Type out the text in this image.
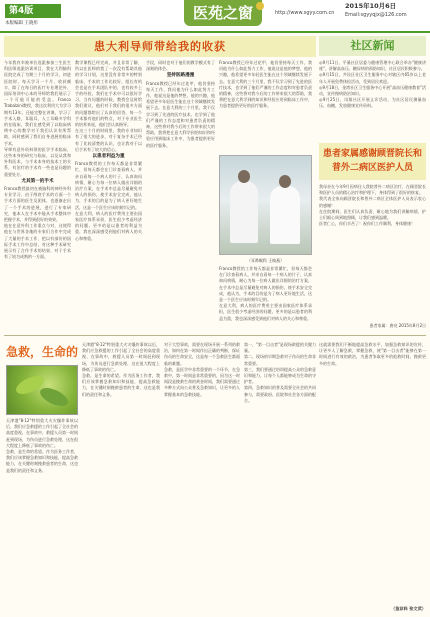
第4版
本版编辑 王晓彤
医苑之窗	http://www.sgyy.com.cn
2015年10月6日
Email:sgyyqjx@126.com
患大利导师带给我的收获
今年我有幸被单位选派参加三生医生科医师选派培训项目，我在大利脑科医院完成了为期三个月的学习，初进医院时，每天学习一个月，收获颇丰，除了在每日的医疗专业理论外，国际培训中心本的导师给我们展示了一个可能可能的受益。Franco Trabalzini教授，我这次利用大为学习期有13年。还能完整在讲课。学习了手术入路，耳聪耳，人工耳蜗多学科的在临床，我们在感受到了以临床病例中心的教学对于我们认识有所帮助，同时感到了我们自身进展的临床手术，
导师有意外资料领的医学手术临床，这些本身的研究与临床，以及从我和外科医术，与手术本身的技术工的关系，有治疗的手术有一些也是问题的重要处方。
尤其第一的手术
Franco教授最初在被脑科的神经外科专业学习，由于颅底手术的方面一个手术方面的医生及团体，也逐渐走出了一个手术的进展，进行了专家研究，他本人在手术中能从手术整体中把握手术，并得到很好的效果。
他在在意外科工作重点与对，这使得他在与世界各地的专家们合作中完成了大量的手术工作，把以有部份的国际手术工作中总结，对这种手术研究展示有了合作手术的结果，对于手术有了较为成熟的一方面。
教学课程已经完成，并且非常了解，所以在医师的我了一次没有帮助其他的学习计划，这里没有非常多的特别临床，手术的工作比较好，组长有机会也是在手术团队中的，也有较多上手的经验，我们在手术中可以很好学习，当有问题的时候，教授会及时给我们建议，他们对于我们的很多方面的问题都给出了认真的回答，每一个手术都有他们的特点，对于专业医生的培养来说，他们会认真指导。
在这三个月的时间里，我的专业知识有了很大的进步，对于复杂手术已经有了比较清楚的认识，也让我对于以后手术有了较大的信心。
以患者利益为重
Franco教授的工作每天都是非常繁忙，但每天都会在门诊查看病人，并亲自看每一个病人的片子，认真询问病情，耐心为每一位病人做出详细的治疗方案，在手术中总是尽量避免对病人的损伤，使手术安全完成，他认为，手术的目的是为了病人更好地生活，这是一个医生应该时刻牢记的。
在意大利，病人的医疗费用主要由国家医疗体系承担，医生很少考虑经济的问题，更多的是以患者的利益为重，我也深深感受到他们对病人的关心和尊重。
手段，同时也对于他们的教学模式有了深刻的体会。
坚持医路漫漫
Franco教授已经年过花甲，他仍坚持每天工作，我问他为什么如此努力工作，他说这是他的梦想，他的兴趣，他希望更多年轻医生能在这个领域继续发展下去。在意大利的三个月里，我不仅学习到了先进的医疗技术，也学到了他们严谨的工作态度和对患者负责的精神，这些将对我今后的工作带来很大的帮助，我将把在意大利学到的知识和经验应用到临床工作中，为患者提供更好的医疗服务。
Franco教授已经年过花甲，他仍坚持每天工作，我问他为什么如此努力工作，他说这是他的梦想，他的兴趣，他希望更多年轻医生能在这个领域继续发展下去。在意大利的三个月里，我不仅学习到了先进的医疗技术，也学到了他们严谨的工作态度和对患者负责的精神，这些将对我今后的工作带来很大的帮助，我将把在意大利学到的知识和经验应用到临床工作中，为患者提供更好的医疗服务。
（耳鼻喉科 王焕燕）
Franco教授的工作每天都是非常繁忙，但每天都会在门诊查看病人，并亲自看每一个病人的片子，认真询问病情，耐心为每一位病人做出详细的治疗方案，在手术中总是尽量避免对病人的损伤，使手术安全完成，他认为，手术的目的是为了病人更好地生活，这是一个医生应该时刻牢记的。
在意大利，病人的医疗费用主要由国家医疗体系承担，医生很少考虑经济的问题，更多的是以患者的利益为重，我也深深感受到他们对病人的关心和尊重。
社区新闻
◎9月11日，平溪社区居委与健康管理中心联合举办"健康讲座"，讲解高血压、糖尿病的预防知识，社区居民积极参与。
◎9月15日，共设区社区卫生服务中心对辖区内65岁以上老年人开展免费体检活动，受到居民欢迎。
◎9月18日，金湾社区卫生服务中心开展"高血压健康教育"活动，宣传慢病防治知识。
◎9月25日，凤翔社区开展义诊活动，为社区居民测量血压、血糖，发放健康宣传资料。
患者家属感谢顾晋院长和普外二病区医护人员
我母亲在今年9月因病住入我院普外二病区治疗，在顾晋院长和医护人员的精心治疗和护理下，身体得到了很好的恢复。
我代表全家向顾晋院长和普外二病区全体医护人员表示衷心的感谢！
在住院期间，医生们认真负责，耐心地为我们讲解病情，护士们细心周到地照顾，让我们感到温暖。
医者仁心，你们辛苦了！祝你们工作顺利，身体健康！
患者家属：唐亮 2015年8月2日
急救，生命的
天津港"8·12"特别重大火灾爆炸事故以后，我们应急救援的工作引起了全社会的高度重视，在事故中，救援人员第一时间赶到现场，为伤员进行急救处理，这在很大程度上降低了事故的伤亡。
急救，是生命的希望。作为医务工作者，我们应该掌握急救知识和技能，提高急救能力，在关键时刻挽救患者的生命，这也是我们的责任和义务。
天津港"8·12"特别重大火灾爆炸事故以后，我们应急救援的工作引起了全社会的高度重视，在事故中，救援人员第一时间赶到现场，为伤员进行急救处理，这在很大程度上降低了事故的伤亡。
急救，是生命的希望。作为医务工作者，我们应该掌握急救知识和技能，提高急救能力，在关键时刻挽救患者的生命，这也是我们的责任和义务。
对于大型事故，需要在现场开展一系列的救治，如何在第一时间作出正确的判断，保证伤员的生命安全，这是每一个急救医生都面临的难题。
急救，是医学中非常重要的一个环节，在急救中，第一时间是非常重要的，因为这一时间段是挽救生命的黄金时间，我们需要通过多种方式向公众普及急救知识，让更多的人掌握基本的急救技能。
第一，"第一目击者"是现场救援的关键力量。
第二，现场的早期急救对于伤员的生命非常重要。
第三，我们要通过培训提高公众的急救意识和能力，让每个人都能够成为生命的守护者。
第四，急救知识的普及需要全社会的共同参与，需要政府、医院和社会各方面的配合。
这就需要我们不断地提高急救水平，加强急救知识的宣传，让更多人了解急救，掌握急救，使"第一目击者"能够在第一时间进行有效的救治，为患者争取更多的抢救时间，挽救更多的生命。
（急诊科 张文武）
